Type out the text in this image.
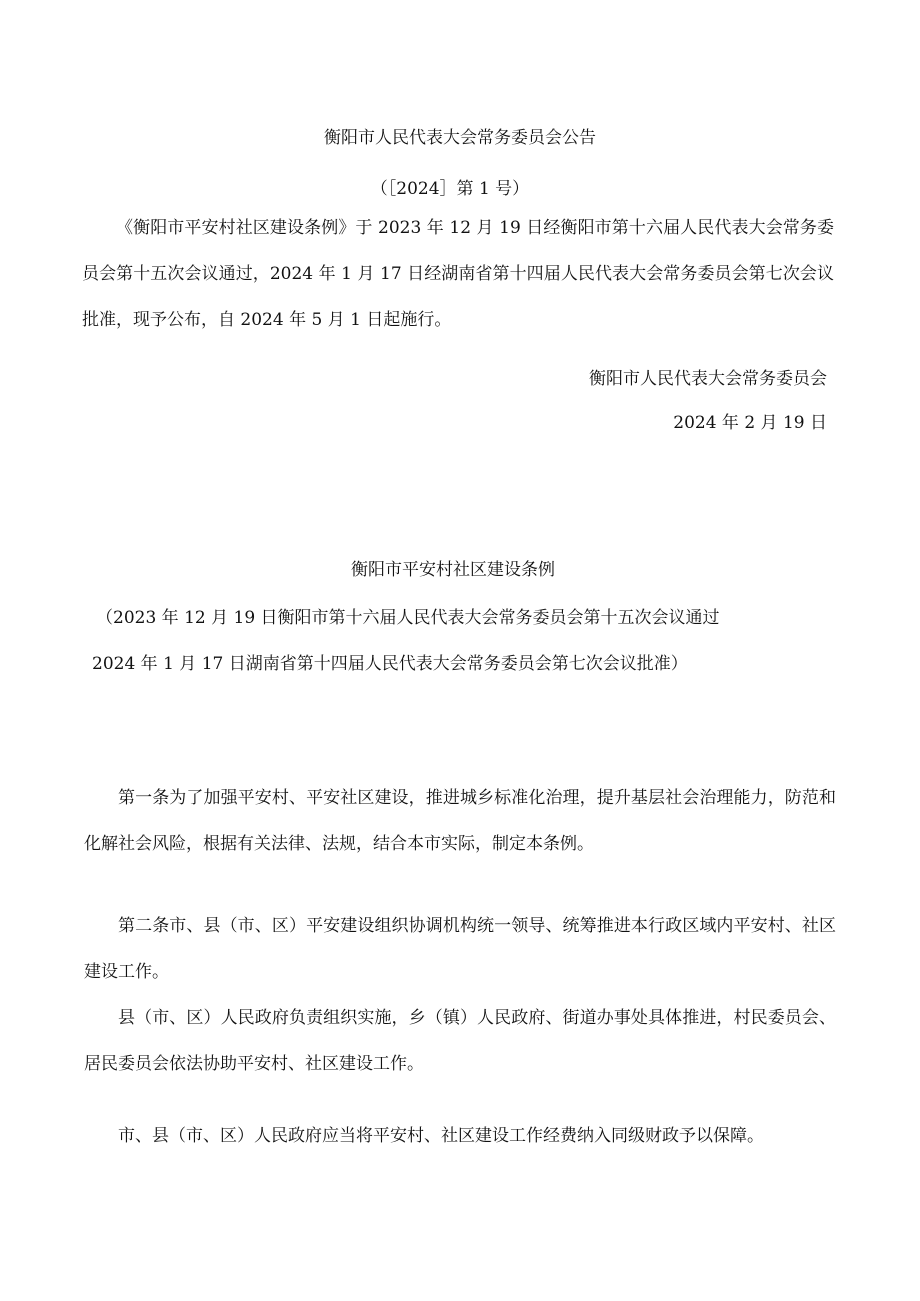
衡阳市人民代表大会常务委员会公告

（［2024］第 1 号）

《衡阳市平安村社区建设条例》于 2023 年 12 月 19 日经衡阳市第十六届人民代表大会常务委员会第十五次会议通过，2024 年 1 月 17 日经湖南省第十四届人民代表大会常务委员会第七次会议批准，现予公布，自 2024 年 5 月 1 日起施行。

衡阳市人民代表大会常务委员会

2024 年 2 月 19 日

衡阳市平安村社区建设条例

（2023 年 12 月 19 日衡阳市第十六届人民代表大会常务委员会第十五次会议通过

2024 年 1 月 17 日湖南省第十四届人民代表大会常务委员会第七次会议批准）

第一条为了加强平安村、平安社区建设，推进城乡标准化治理，提升基层社会治理能力，防范和化解社会风险，根据有关法律、法规，结合本市实际，制定本条例。

第二条市、县（市、区）平安建设组织协调机构统一领导、统筹推进本行政区域内平安村、社区建设工作。

县（市、区）人民政府负责组织实施，乡（镇）人民政府、街道办事处具体推进，村民委员会、居民委员会依法协助平安村、社区建设工作。

市、县（市、区）人民政府应当将平安村、社区建设工作经费纳入同级财政予以保障。
